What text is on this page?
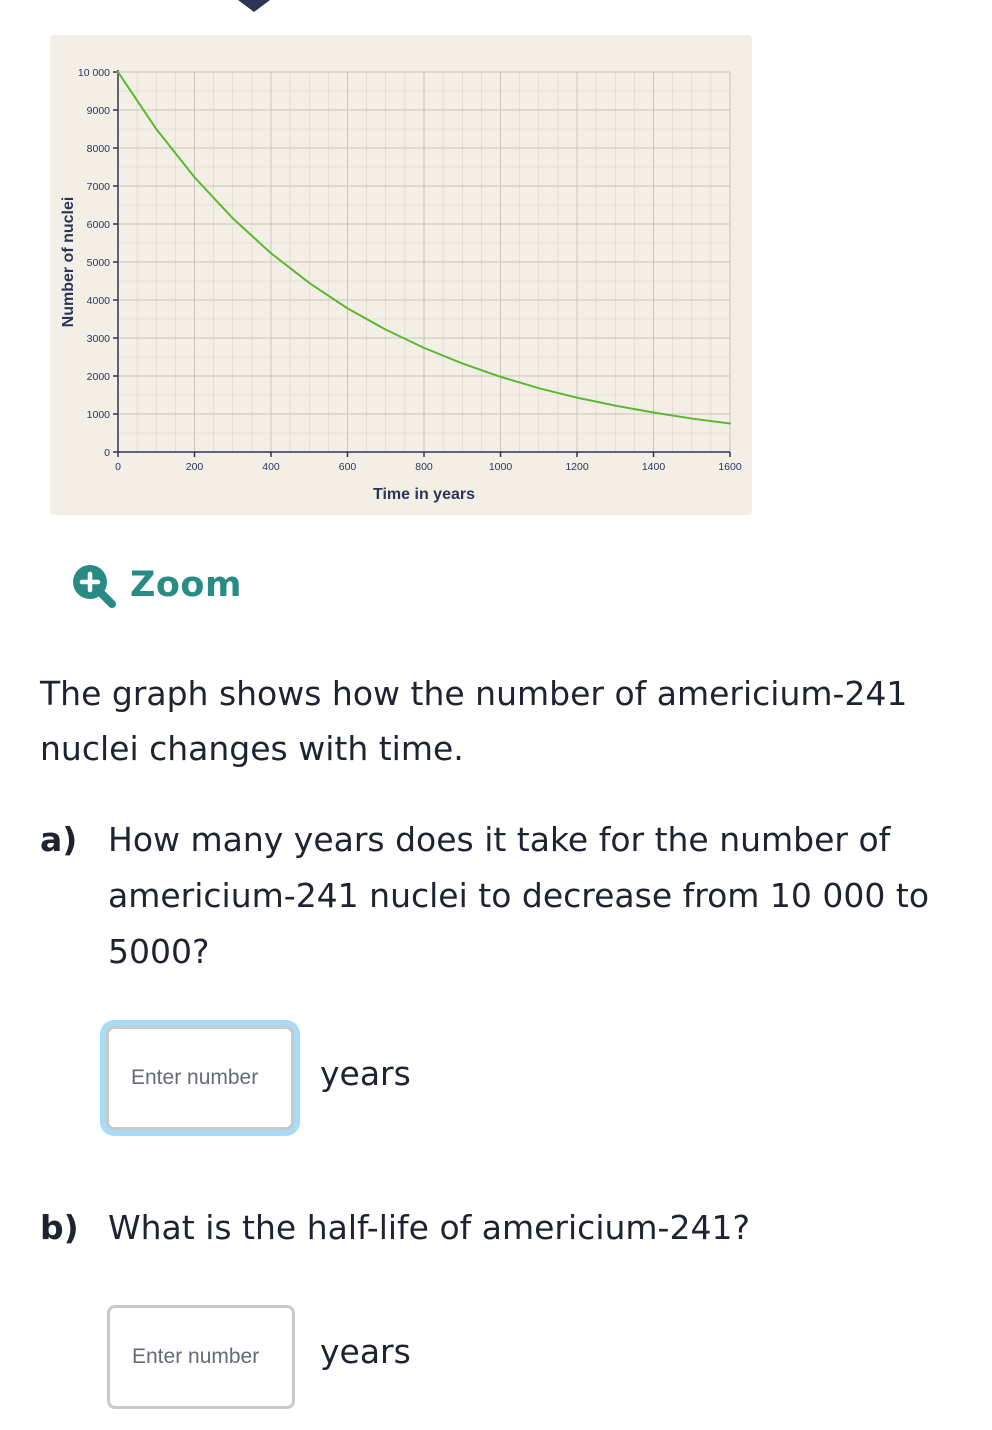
0
1000
2000
3000
4000
5000
6000
7000
8000
9000
10 000
0	200	400	600	800	1000	1200	1400	1600
Time in years
Number of nuclei
Zoom
The graph shows how the number of americium-241 nuclei changes with time.
a) How many years does it take for the number of americium-241 nuclei to decrease from 10 000 to 5000?
Enter number
years
b) What is the half-life of americium-241?
Enter number
years
